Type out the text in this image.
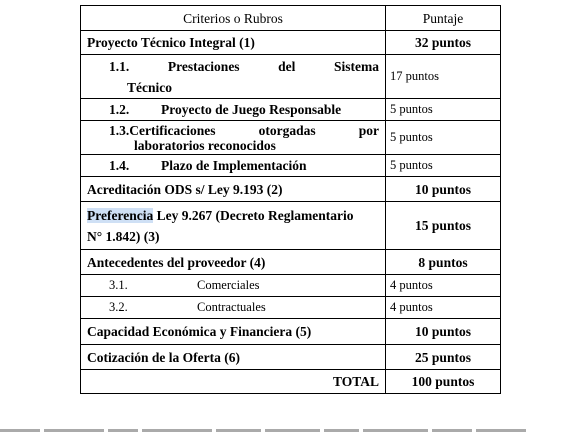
Criterios o Rubros	Puntaje
Proyecto Técnico Integral (1)	32 puntos

1.1. Prestaciones del Sistema
Técnico	17 puntos
1.2. Proyecto de Juego Responsable	5 puntos

1.3.Certificaciones otorgadas por
laboratorios reconocidos	5 puntos
1.4. Plazo de Implementación	5 puntos
Acreditación ODS s/ Ley 9.193 (2)	10 puntos

Preferencia Ley 9.267 (Decreto Reglamentario
N° 1.842) (3)	15 puntos
Antecedentes del proveedor (4)	8 puntos
3.1. Comerciales	4 puntos
3.2. Contractuales	4 puntos
Capacidad Económica y Financiera (5)	10 puntos
Cotización de la Oferta (6)	25 puntos
TOTAL	100 puntos
